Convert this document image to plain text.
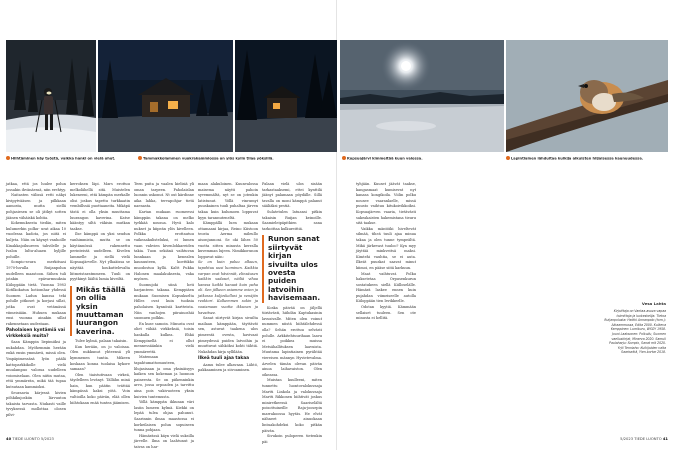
Hiihtäminen käy työstä, vaikka hanki on vielä ohut.	Tammakkolammen vuokrakammiossa on ylös kylin tilaa yöksillä.	Kopsuajärvi kimmeltää kuun valossa.	Lapintiainen lähdultaa kulkija aikuisten hiljaisessa kaunuudessa.

jatkaa, että jos luulee polun jossakin ihvänäessä, niin erehtyy.

Naitasten välissä retti näkyi kivipytvääsen ja pilkkaan aamosta, mutta siellä pohjasiesen se oli jätkyt sotten jäänen vähäiskä kohtia.

Kokemuksesta tiedän, miten kulumerkin polku- urat aikaa 10 vuodessa kadota, jos niitä ei kuljeta. Näin on käynyt vanhoille Kinakkajoiluureen tahvilelle ja Ivalon lultu-aluaen hyljille poluille.

Sompio-seura merkitsasi 1970-luvulla Ruijanpolun uudelleen maastoon. Siihen tuli jotakin epävarmuuksia Kiiloppään tietä. Vuonna 1983 Kotilkokatun hotiomhar yhdessä Suomen Ladun kanssa teki polulle pitkoset ja korjasi sillat, jotka ovat vetämässä viimeisiään. Huhuen mukaan ensi vuonna ainakin sillat rakennetaan uudestaan.

Paholaisen kyntämiä vai virkkeksiä muita?

Saan Kämppin liepimiiksi ja nukahdan. Myöhemmin herään enkä ensin ymmärrä, missä olen. Ympäpimessäsä lyön päälä kattoparkkikolle vielä muulampuo valossa uudelleen voiomiselaan. Olen niitin mutaa, että ymmärrän, mikä tää tupaa kutsutaan kammioksi.

Seuraavia kärjessä kivien pöhkikujoskiin lärvuuton takaista tarvasta. Niukasti vaille tyvyksessä mollottaa olosen pilvi-

kerroksen läpi. Mars erottuu melkolähellä sitä. Muistelen lukeneeni, että kämpän merkalle olisi joskus tapettu turkkaatin vembillssiä puottaaneita. Mikäpä tästä ei olla yksin muuttama luurangon kaverina. Katse kääntyy siltä väkisin mutkan taakse.

Ilse kämppä on yksi seudun vanhimmista, mutta se on käytännössä rakennettu perinteistä uudelleen. Kivelen lammelle ja siellä vielä Kopsuajärvelle. Nyt ylhaäissa se näyttää houkuttelevalta liitmeistaratmmeen. Tuuli on pyytkinyt läältä lumia kiveiltä.

Mikäs täällä on ollia yksin muuttaman luurangon kaverina.

Tulee kylmä, palaan takaisin.

Kun herään, on jo valoisaa. Olen nukkunut yhteensä yli kymmenen tuntia. Mikeen koskaan konna tuolaisa kykore samaan?

Olen tiaistutivaan virkeä, täydelleen levänyt. Tällähn minä hain, kun päätin tvättää kämpässä kaksi yötä. Voin valtioilla koko päivän, elää ollen hiihtokaan enää tuntea jäämisen.

Teen puita ja vaalen kielisiä yli oman tarpeen. Paholaislan luonnin uskonut. Nt out kärdinne aika lahka, tervapohjar tietä naenasta.

Kartan mukaan ruomeessi kämppän takana on melko tyrkkää nousua. Hyvä kalo nukset ja kiipeän ylös kivelleen. Polkka erottautuu vaikeaakulisteluksi, ei lumen vaan vahvien kivenlohkareiden takia. Tuon sekiänä vaihtuvan lunnkaan ja kenealen kaunuuteen, koettikko muodostuu kyllä. Kaltt Pukka Halonen maalakuksesta, vaka myösen.

Suomujoki siinä heti harjanteen takana. Kemppiäen mukaan Suomisen Kopsukselta Hilles ovat kuin tuoksia paholaisen kynnösiä kartteista. Niin vanhojen piirainoshäi suomuen polkku.

En kuse samoin. Minusta ovat oliet vähää virkkeksiä, toisin hankalla kulkea. Ehkä Kemppinellä ei ollut mennessäänkin vielä ymmärrettä.

Matemaan tapahtumattomuuteen, lilujasisaan ja oma yksinäisyys kaiken sen kokeman ja luonnon paineesta. Se on piikenninkin arvo, jossa orpoaden ja tarvittu aina pois vakivuoteen yksin kuivien tuntemusta.

Yöllä kämppän ikkunan väri lasiin lumeen kylmä. Kiekki on lepää tulea ohjaa pahunut. Saarinnin ilmaa maastossa ei korkeilaisen polun sopuiseen tunna pohjaan.

Hämärässä käyn vielä suksilla järvelle. Ilma on laahtunut ja taivas on har-

maan alakuloinen. Kuunvalossa maisema näytti pahoin syvemmältä, nyt se on jotenkin latistunut. Yöllä vinrumyt puuskainen tuuli puhaltaa järven takaa kuin kulumoen loppuvat kyyn tarannuteneltä.

Kämppällä luen mukaan ottamaani kirjaa, Reino Kiistoon teosta Aerma mileullo aisonjunnoni. Se oki lähes 50 vuotta sitten minusta kerralla kuvemman lujeen. Nimikkorunon loppuvat näin:

Se on kuin paluu alkuun, tapahtuu uusi luominen. Kaikkia varpan ovat hävinnät, elinsäusen kaikkin sadaset, näiliä vihaa kanssa kaikki kanaat kuin paha oli. Sen jälkeen asiamme ovien ja jatkossa kuljeskellasi ja venäjän reaktori. Kulkemmen sukin ja voaiamaan vuotta ikkunan ja havaitsee.

Sanat siirtyvät kirjan sivuilta mailaan kämppään, täyttävät sen, astuvat taakena ulos pimeestä ovesta, havivaat pimeydessä puiden latvoihin ja muuttuvat sähköksi kohti tähtiä. Nukahdan kirja syllilään.

Ilkeä tuuli ajaa takaa

Aamu tulee alkavaan. Lähtö, pakkaaminen ja siivoaminen.

Palaan vielä ulos sisään tarkastaaksemi, ettei kynttilä jäänyt palamaan pöydälle. Sillä tavalla on moni kämppä palanut sääliäksi pestiä.

Sulatetulen latuansi pitkin takaisin Ruijan keinoille. Saamieleipäpitkien sana tarkoittaa kulkureittiä.

Runon sanat siirtyvät kirjan sivuilta ulos ovesta puiden latvoihin havisemaan.

Koska päivää on jäljellä tiiriävästi, hiihdän Kaptukasinin lavusivalle. Miten olen voinut nummen niistä hiihtälehdessä olla? Sehän erottuu selvästi polulle. Arkkitehtuurihaan laavu ei poikkea muissa Metsähallituksen laavuista. Muutama lapintiainen pyrähtää viereisen männyn Hyvietevalma. Arvelen tämän olevan päivän ainoa laihavaiston. Olen oikeassa.

Muistan kuulleeni, miten tunnettu luontovalokuvaaja Martti Linkola ja valokuvaaja Martti Rikkonen hiihtivät joskus miniretkeessä Saariselältä poisottuineille Raja-joosepin marrakoossa hyytäs. He elvät nähneet ainuokaan lintuakohdeksi koko pitkän päivän.

Sivukoin puloperen tietenkin päi

tyhjään. Kuuset jäävät taakse, kangasmaat kumisevat nyt kanasa kongikoila. Viilin polku nousee vaaranlaelle, missä puusto vaihtuu kitukoivikkoiksi. Kopsuajärven vaaria, tietävästi sakeakaisten hakemistana tieuru sitä taakse.

Vaikka mäntöiki hiveltevät silmää, tiheä tuuli ajaa minua takaa ja olen tunne tympeältä. Mikä järkevast tuuloo? Kyn myy jäyttää minkveitsä maksi. Kimtehi vauhtia, se ei auta. Ilkeät puuskat saavat minut kiimoi, en pääse siitä karkuun.

Maat vaihtuvat. Polku haksetetaa Orpusenkurun sostatukeen siellä Kiilloselälle. Hämärä laskee ennen kuin pujahdan viimeiseelle autolla Kiiloppään tien levikkeelle.

Odotan kyytiä. Kämmään sellaiset tuuleen. Sen ote minusta ei hellitä.

Vesa Lahta
Kirjoittaja on Vantaa-asuva vapaa toimittaja ja luokeskelija. Tietoa Ruijanpolusta: Heikki Annanpalo (tom.): Aikaammussa, Edita 2000. Kulkeva Kemppinen: Lumikuru, WSOY 1958. Jouni Laaksonen: Polkuilu, Suomen vaelluskirjat, Minerva 2020. Samuli Paulaharju: Sompio, Sanat mit 2020. Yrjö Tenniaho: Kulkijoiden valta Saariselkä, Ylen-kortar 2018.
40 TIEDE LUONTO 5/2023	5/2023 TIEDE LUONTO 41
